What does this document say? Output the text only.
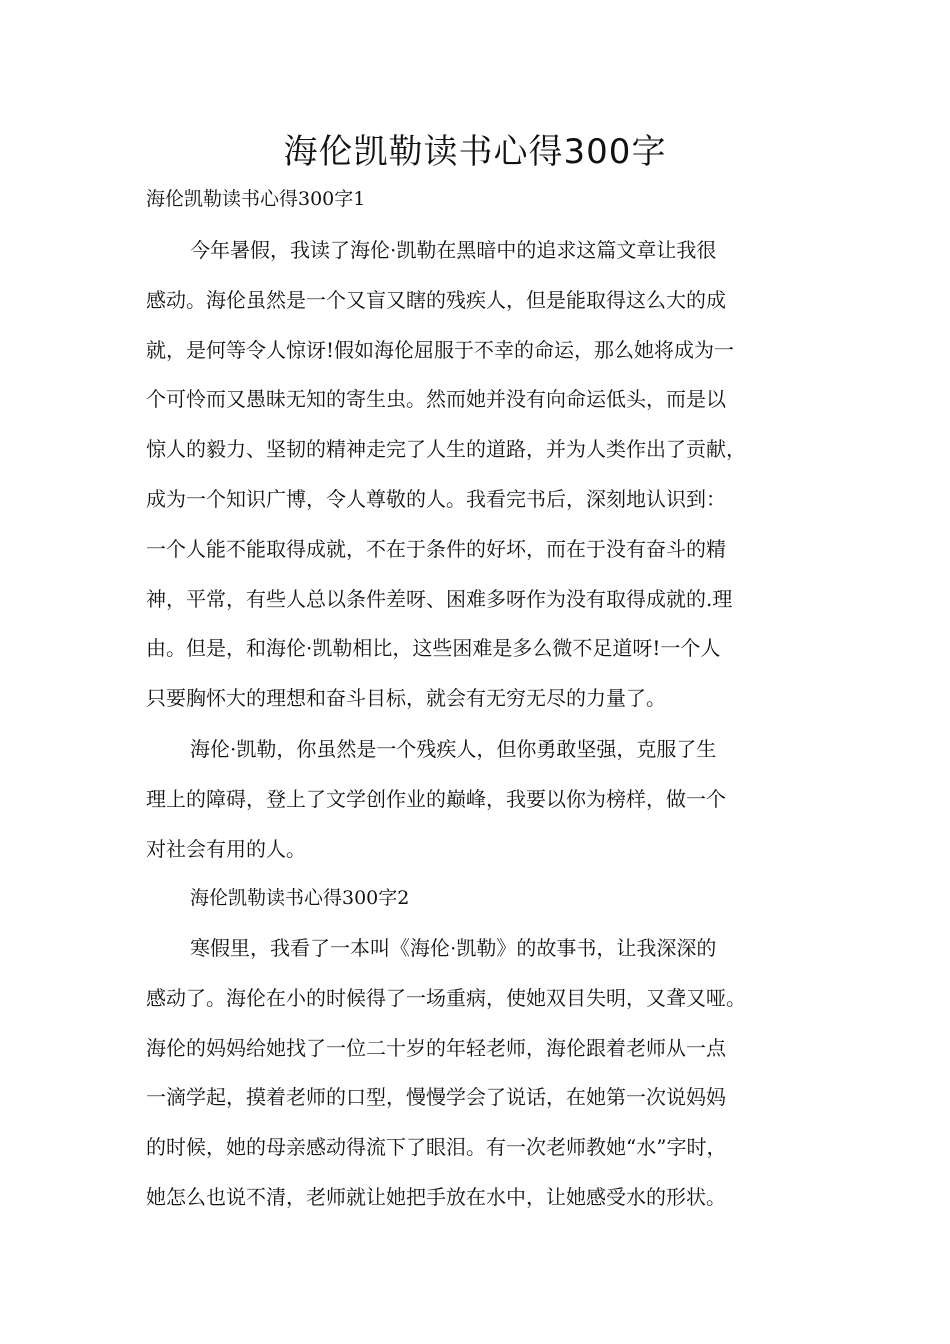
海伦凯勒读书心得300字
海伦凯勒读书心得300字1
今年暑假，我读了海伦·凯勒在黑暗中的追求这篇文章让我很
感动。海伦虽然是一个又盲又瞎的残疾人，但是能取得这么大的成
就，是何等令人惊讶!假如海伦屈服于不幸的命运，那么她将成为一
个可怜而又愚昧无知的寄生虫。然而她并没有向命运低头，而是以
惊人的毅力、坚韧的精神走完了人生的道路，并为人类作出了贡献，
成为一个知识广博，令人尊敬的人。我看完书后，深刻地认识到：
一个人能不能取得成就，不在于条件的好坏，而在于没有奋斗的精
神，平常，有些人总以条件差呀、困难多呀作为没有取得成就的.理
由。但是，和海伦·凯勒相比，这些困难是多么微不足道呀!一个人
只要胸怀大的理想和奋斗目标，就会有无穷无尽的力量了。
海伦·凯勒，你虽然是一个残疾人，但你勇敢坚强，克服了生
理上的障碍，登上了文学创作业的巅峰，我要以你为榜样，做一个
对社会有用的人。
海伦凯勒读书心得300字2
寒假里，我看了一本叫《海伦·凯勒》的故事书，让我深深的
感动了。海伦在小的时候得了一场重病，使她双目失明，又聋又哑。
海伦的妈妈给她找了一位二十岁的年轻老师，海伦跟着老师从一点
一滴学起，摸着老师的口型，慢慢学会了说话，在她第一次说妈妈
的时候，她的母亲感动得流下了眼泪。有一次老师教她“水”字时，
她怎么也说不清，老师就让她把手放在水中，让她感受水的形状。
